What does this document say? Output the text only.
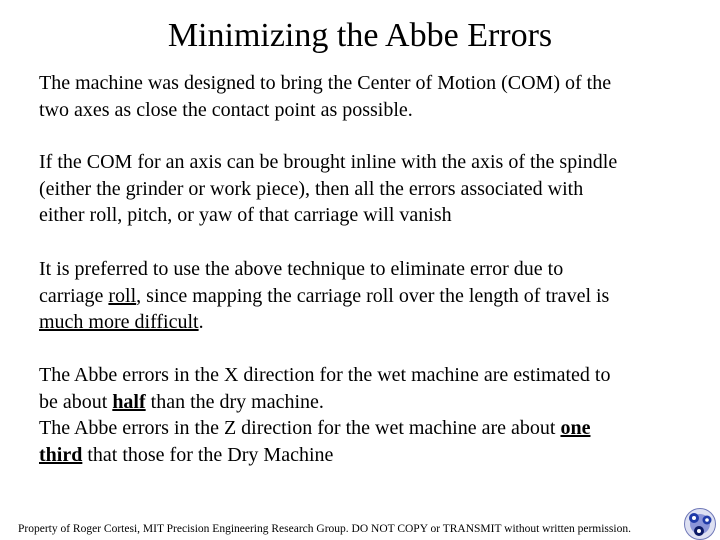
Minimizing the Abbe Errors
The machine was designed to bring the Center of Motion (COM) of the
two axes as close the contact point as possible.
If the COM for an axis can be brought inline with the axis of the spindle
(either the grinder or work piece), then all the errors associated with
either roll, pitch, or yaw of that carriage will vanish
It is preferred to use the above technique to eliminate error due to
carriage roll, since mapping the carriage roll over the length of travel is
much more difficult.
The Abbe errors in the X direction for the wet machine are estimated to
be about half than the dry machine.
The Abbe errors in the Z direction for the wet machine are about one
third that those for the Dry Machine
Property of Roger Cortesi, MIT Precision Engineering Research Group. DO NOT COPY or TRANSMIT without written permission.
